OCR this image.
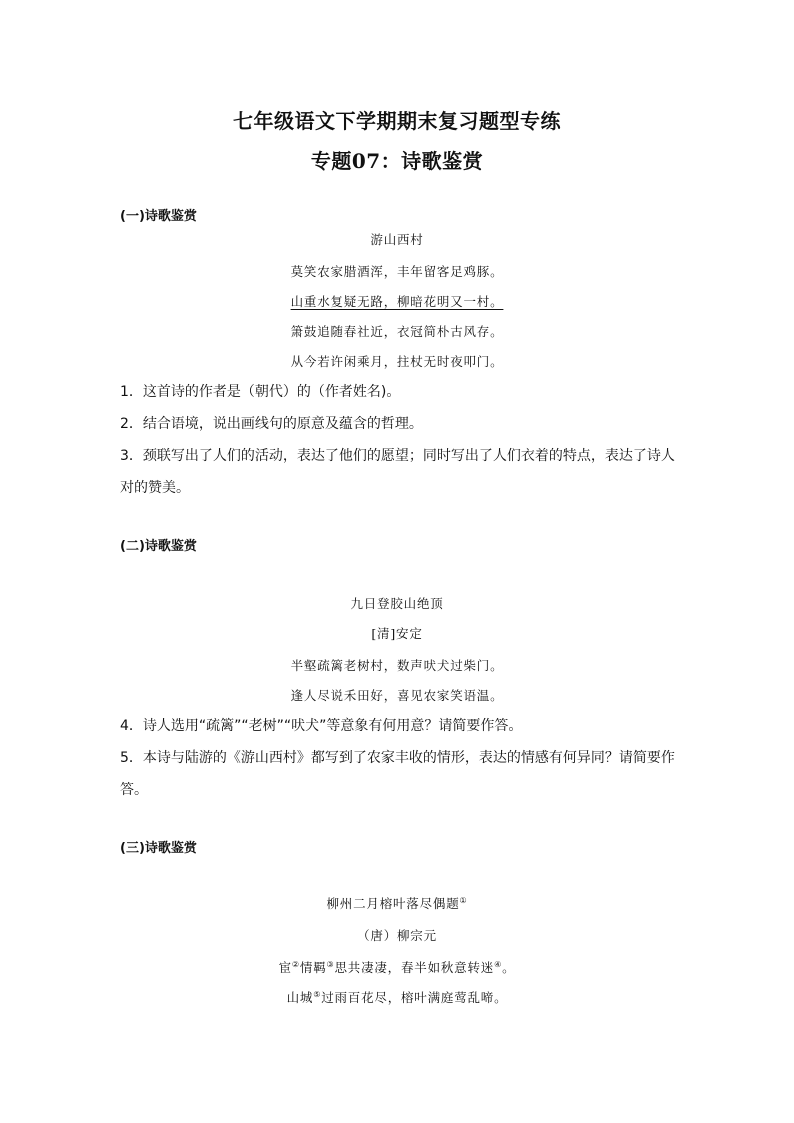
七年级语文下学期期末复习题型专练
专题07：诗歌鉴赏
(一)诗歌鉴赏
游山西村
莫笑农家腊酒浑，丰年留客足鸡豚。
山重水复疑无路，柳暗花明又一村。
箫鼓追随春社近，衣冠简朴古风存。
从今若许闲乘月，拄杖无时夜叩门。
1．这首诗的作者是（朝代）的（作者姓名)。
2．结合语境，说出画线句的原意及蕴含的哲理。
3．颈联写出了人们的活动，表达了他们的愿望；同时写出了人们衣着的特点，表达了诗人
对的赞美。
(二)诗歌鉴赏
九日登胶山绝顶
[清]安定
半壑疏篱老树村，数声吠犬过柴门。
逢人尽说禾田好，喜见农家笑语温。
4．诗人选用“疏篱”“老树”“吠犬”等意象有何用意？请简要作答。
5．本诗与陆游的《游山西村》都写到了农家丰收的情形，表达的情感有何异同？请简要作
答。
(三)诗歌鉴赏
柳州二月榕叶落尽偶题①
（唐）柳宗元
宦②情羁③思共凄凄，春半如秋意转迷④。
山城⑤过雨百花尽，榕叶满庭莺乱啼。
